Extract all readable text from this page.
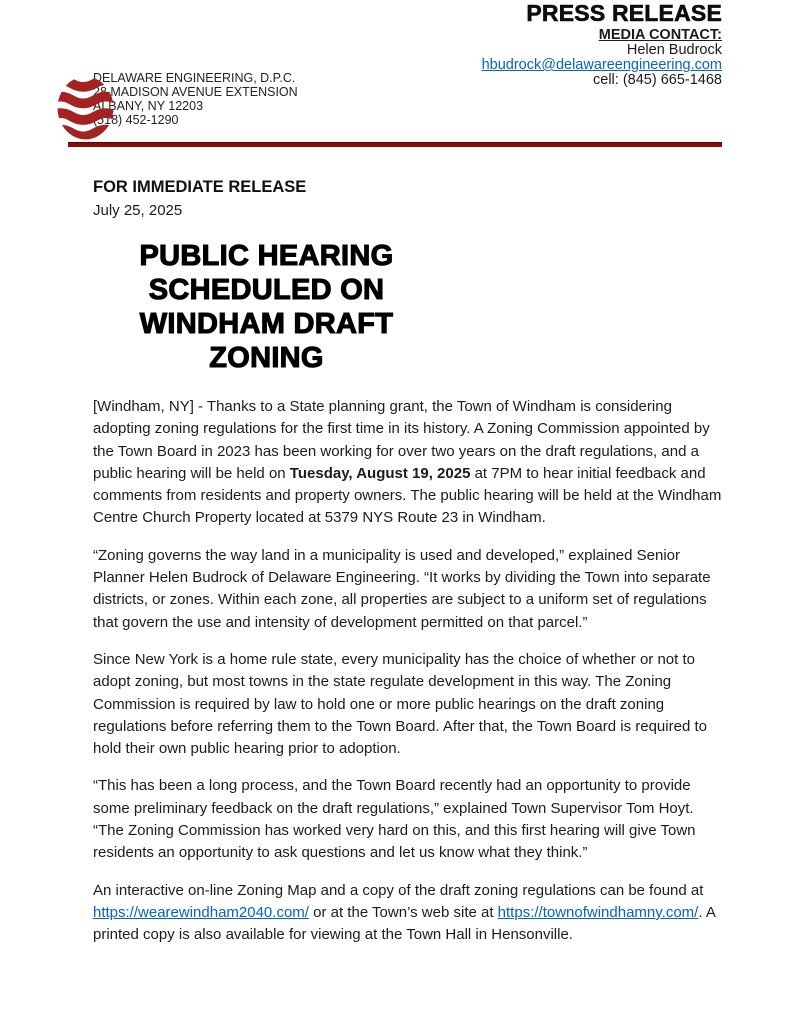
PRESS RELEASE
MEDIA CONTACT:
Helen Budrock
hbudrock@delawareengineering.com
cell: (845) 665-1468
DELAWARE ENGINEERING, D.P.C.
28 MADISON AVENUE EXTENSION
ALBANY, NY 12203
(518) 452-1290
FOR IMMEDIATE RELEASE
July 25, 2025
PUBLIC HEARING
SCHEDULED ON
WINDHAM DRAFT
ZONING

[Windham, NY] - Thanks to a State planning grant, the Town of Windham is considering adopting zoning regulations for the first time in its history. A Zoning Commission appointed by the Town Board in 2023 has been working for over two years on the draft regulations, and a public hearing will be held on Tuesday, August 19, 2025 at 7PM to hear initial feedback and comments from residents and property owners. The public hearing will be held at the Windham Centre Church Property located at 5379 NYS Route 23 in Windham.

“Zoning governs the way land in a municipality is used and developed,” explained Senior Planner Helen Budrock of Delaware Engineering. “It works by dividing the Town into separate districts, or zones. Within each zone, all properties are subject to a uniform set of regulations that govern the use and intensity of development permitted on that parcel.”

Since New York is a home rule state, every municipality has the choice of whether or not to adopt zoning, but most towns in the state regulate development in this way. The Zoning Commission is required by law to hold one or more public hearings on the draft zoning regulations before referring them to the Town Board. After that, the Town Board is required to hold their own public hearing prior to adoption.

“This has been a long process, and the Town Board recently had an opportunity to provide some preliminary feedback on the draft regulations,” explained Town Supervisor Tom Hoyt. “The Zoning Commission has worked very hard on this, and this first hearing will give Town residents an opportunity to ask questions and let us know what they think.”

An interactive on-line Zoning Map and a copy of the draft zoning regulations can be found at https://wearewindham2040.com/ or at the Town’s web site at https://townofwindhamny.com/. A printed copy is also available for viewing at the Town Hall in Hensonville.
